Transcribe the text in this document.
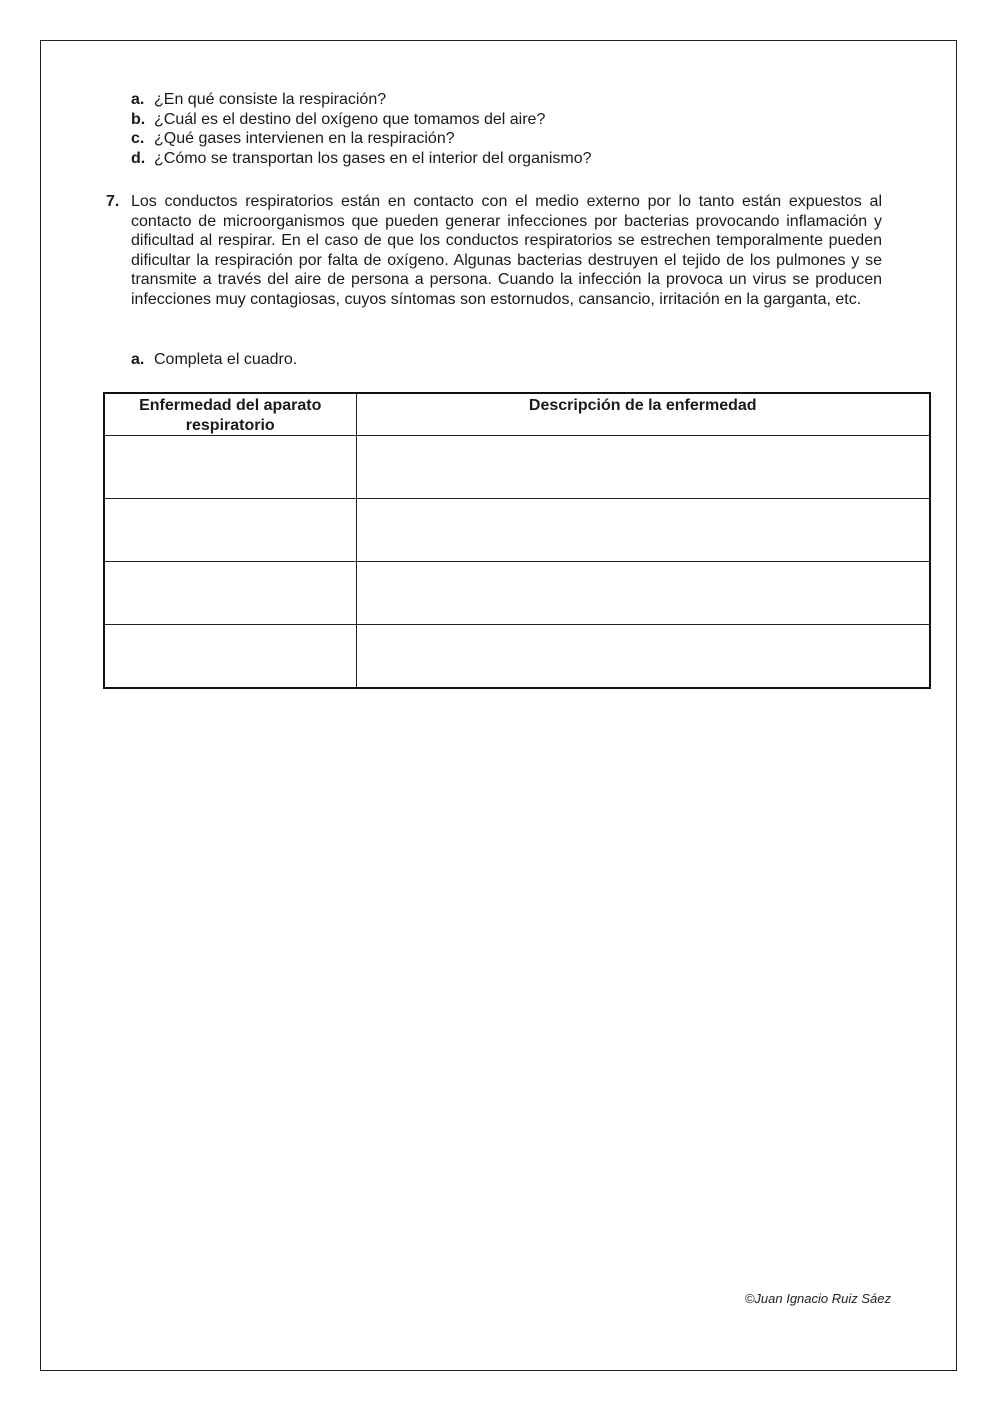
a. ¿En qué consiste la respiración?
b. ¿Cuál es el destino del oxígeno que tomamos del aire?
c. ¿Qué gases intervienen en la respiración?
d. ¿Cómo se transportan los gases en el interior del organismo?
7. Los conductos respiratorios están en contacto con el medio externo por lo tanto están expuestos al contacto de microorganismos que pueden generar infecciones por bacterias provocando inflamación y dificultad al respirar. En el caso de que los conductos respiratorios se estrechen temporalmente pueden dificultar la respiración por falta de oxígeno. Algunas bacterias destruyen el tejido de los pulmones y se transmite a través del aire de persona a persona. Cuando la infección la provoca un virus se producen infecciones muy contagiosas, cuyos síntomas son estornudos, cansancio, irritación en la garganta, etc.
a. Completa el cuadro.
Enfermedad del aparato respiratorio	Descripción de la enfermedad

©Juan Ignacio Ruiz Sáez
